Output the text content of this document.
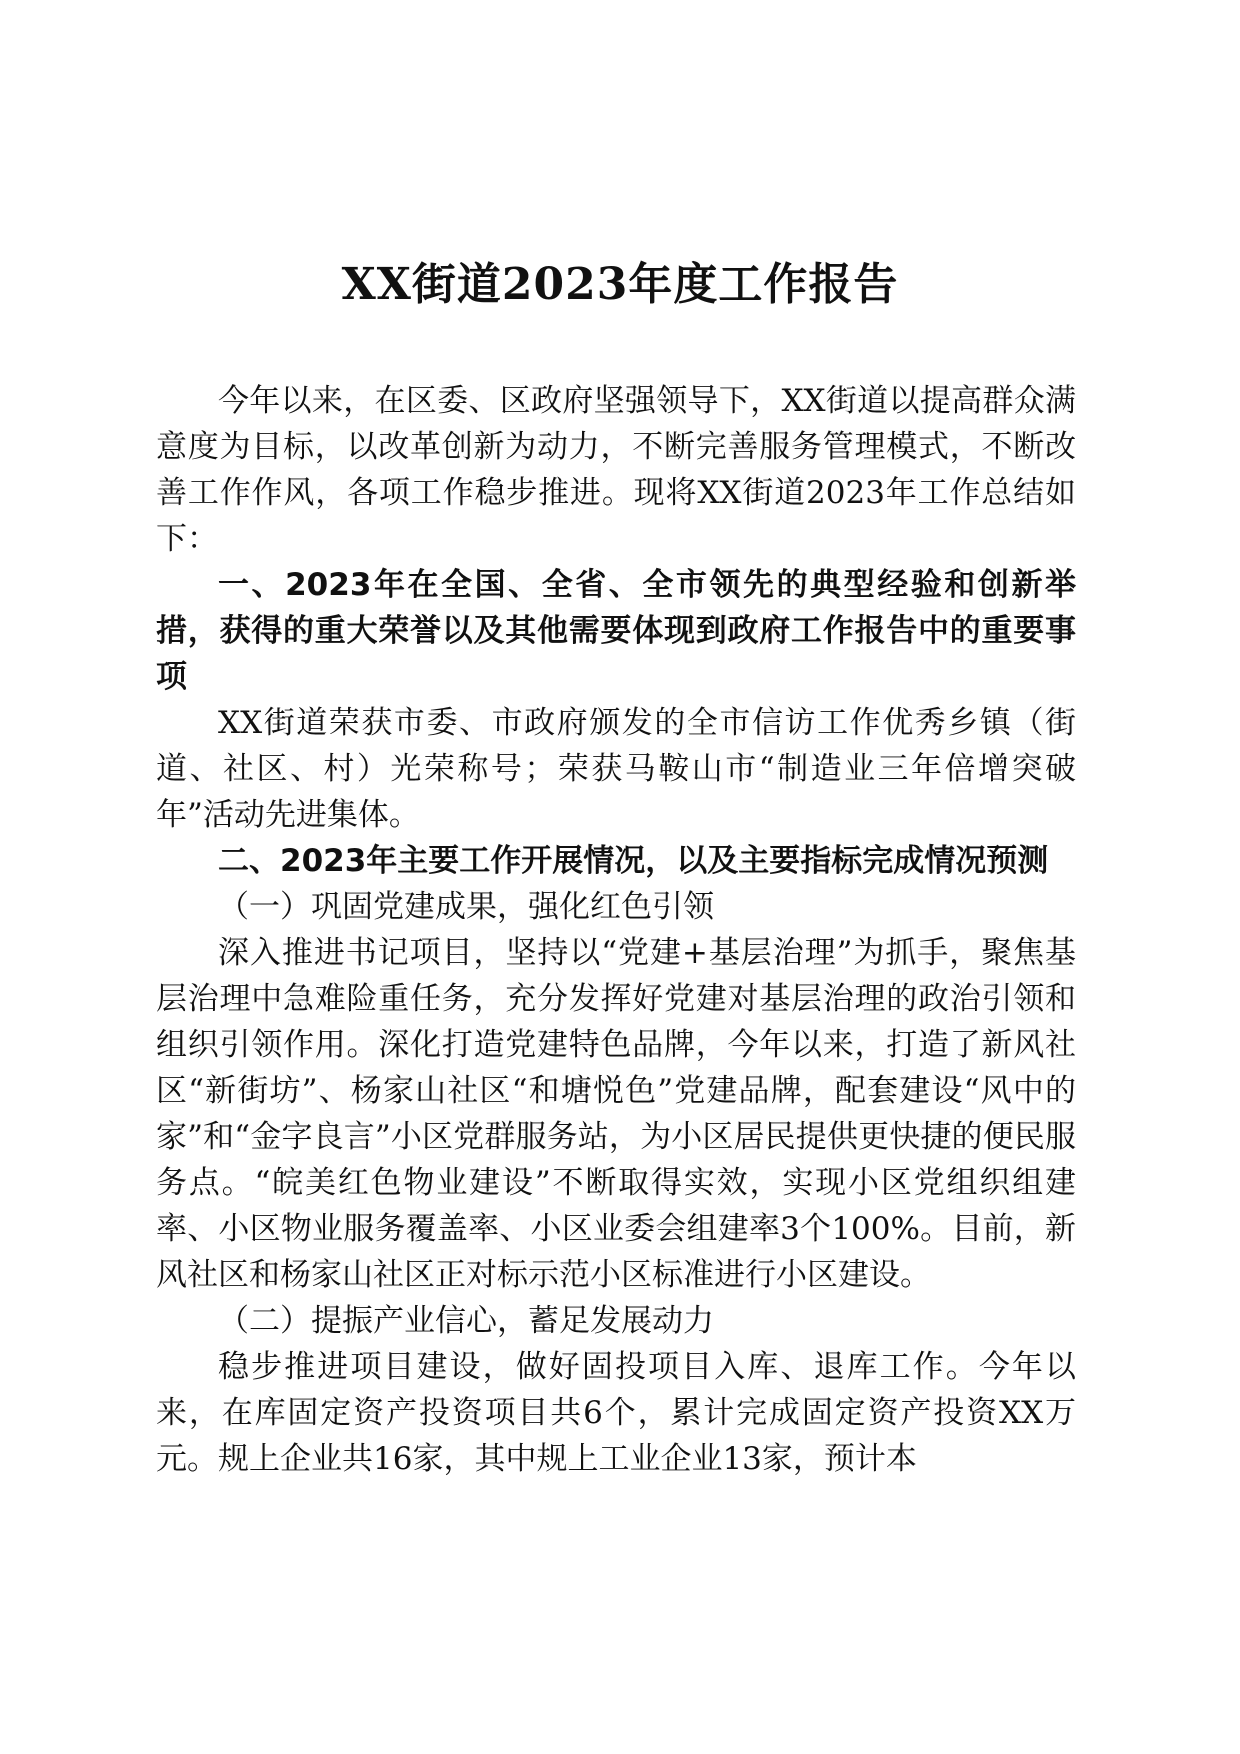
XX街道2023年度工作报告

今年以来，在区委、区政府坚强领导下，XX街道以提高群众满意度为目标，以改革创新为动力，不断完善服务管理模式，不断改善工作作风，各项工作稳步推进。现将XX街道2023年工作总结如下：

一、2023年在全国、全省、全市领先的典型经验和创新举措，获得的重大荣誉以及其他需要体现到政府工作报告中的重要事项

XX街道荣获市委、市政府颁发的全市信访工作优秀乡镇（街道、社区、村）光荣称号；荣获马鞍山市“制造业三年倍增突破年”活动先进集体。

二、2023年主要工作开展情况，以及主要指标完成情况预测

（一）巩固党建成果，强化红色引领

深入推进书记项目，坚持以“党建+基层治理”为抓手，聚焦基层治理中急难险重任务，充分发挥好党建对基层治理的政治引领和组织引领作用。深化打造党建特色品牌，今年以来，打造了新风社区“新街坊”、杨家山社区“和塘悦色”党建品牌，配套建设“风中的家”和“金字良言”小区党群服务站，为小区居民提供更快捷的便民服务点。“皖美红色物业建设”不断取得实效，实现小区党组织组建率、小区物业服务覆盖率、小区业委会组建率3个100%。目前，新风社区和杨家山社区正对标示范小区标准进行小区建设。

（二）提振产业信心，蓄足发展动力

稳步推进项目建设，做好固投项目入库、退库工作。今年以来，在库固定资产投资项目共6个，累计完成固定资产投资XX万元。规上企业共16家，其中规上工业企业13家，预计本
